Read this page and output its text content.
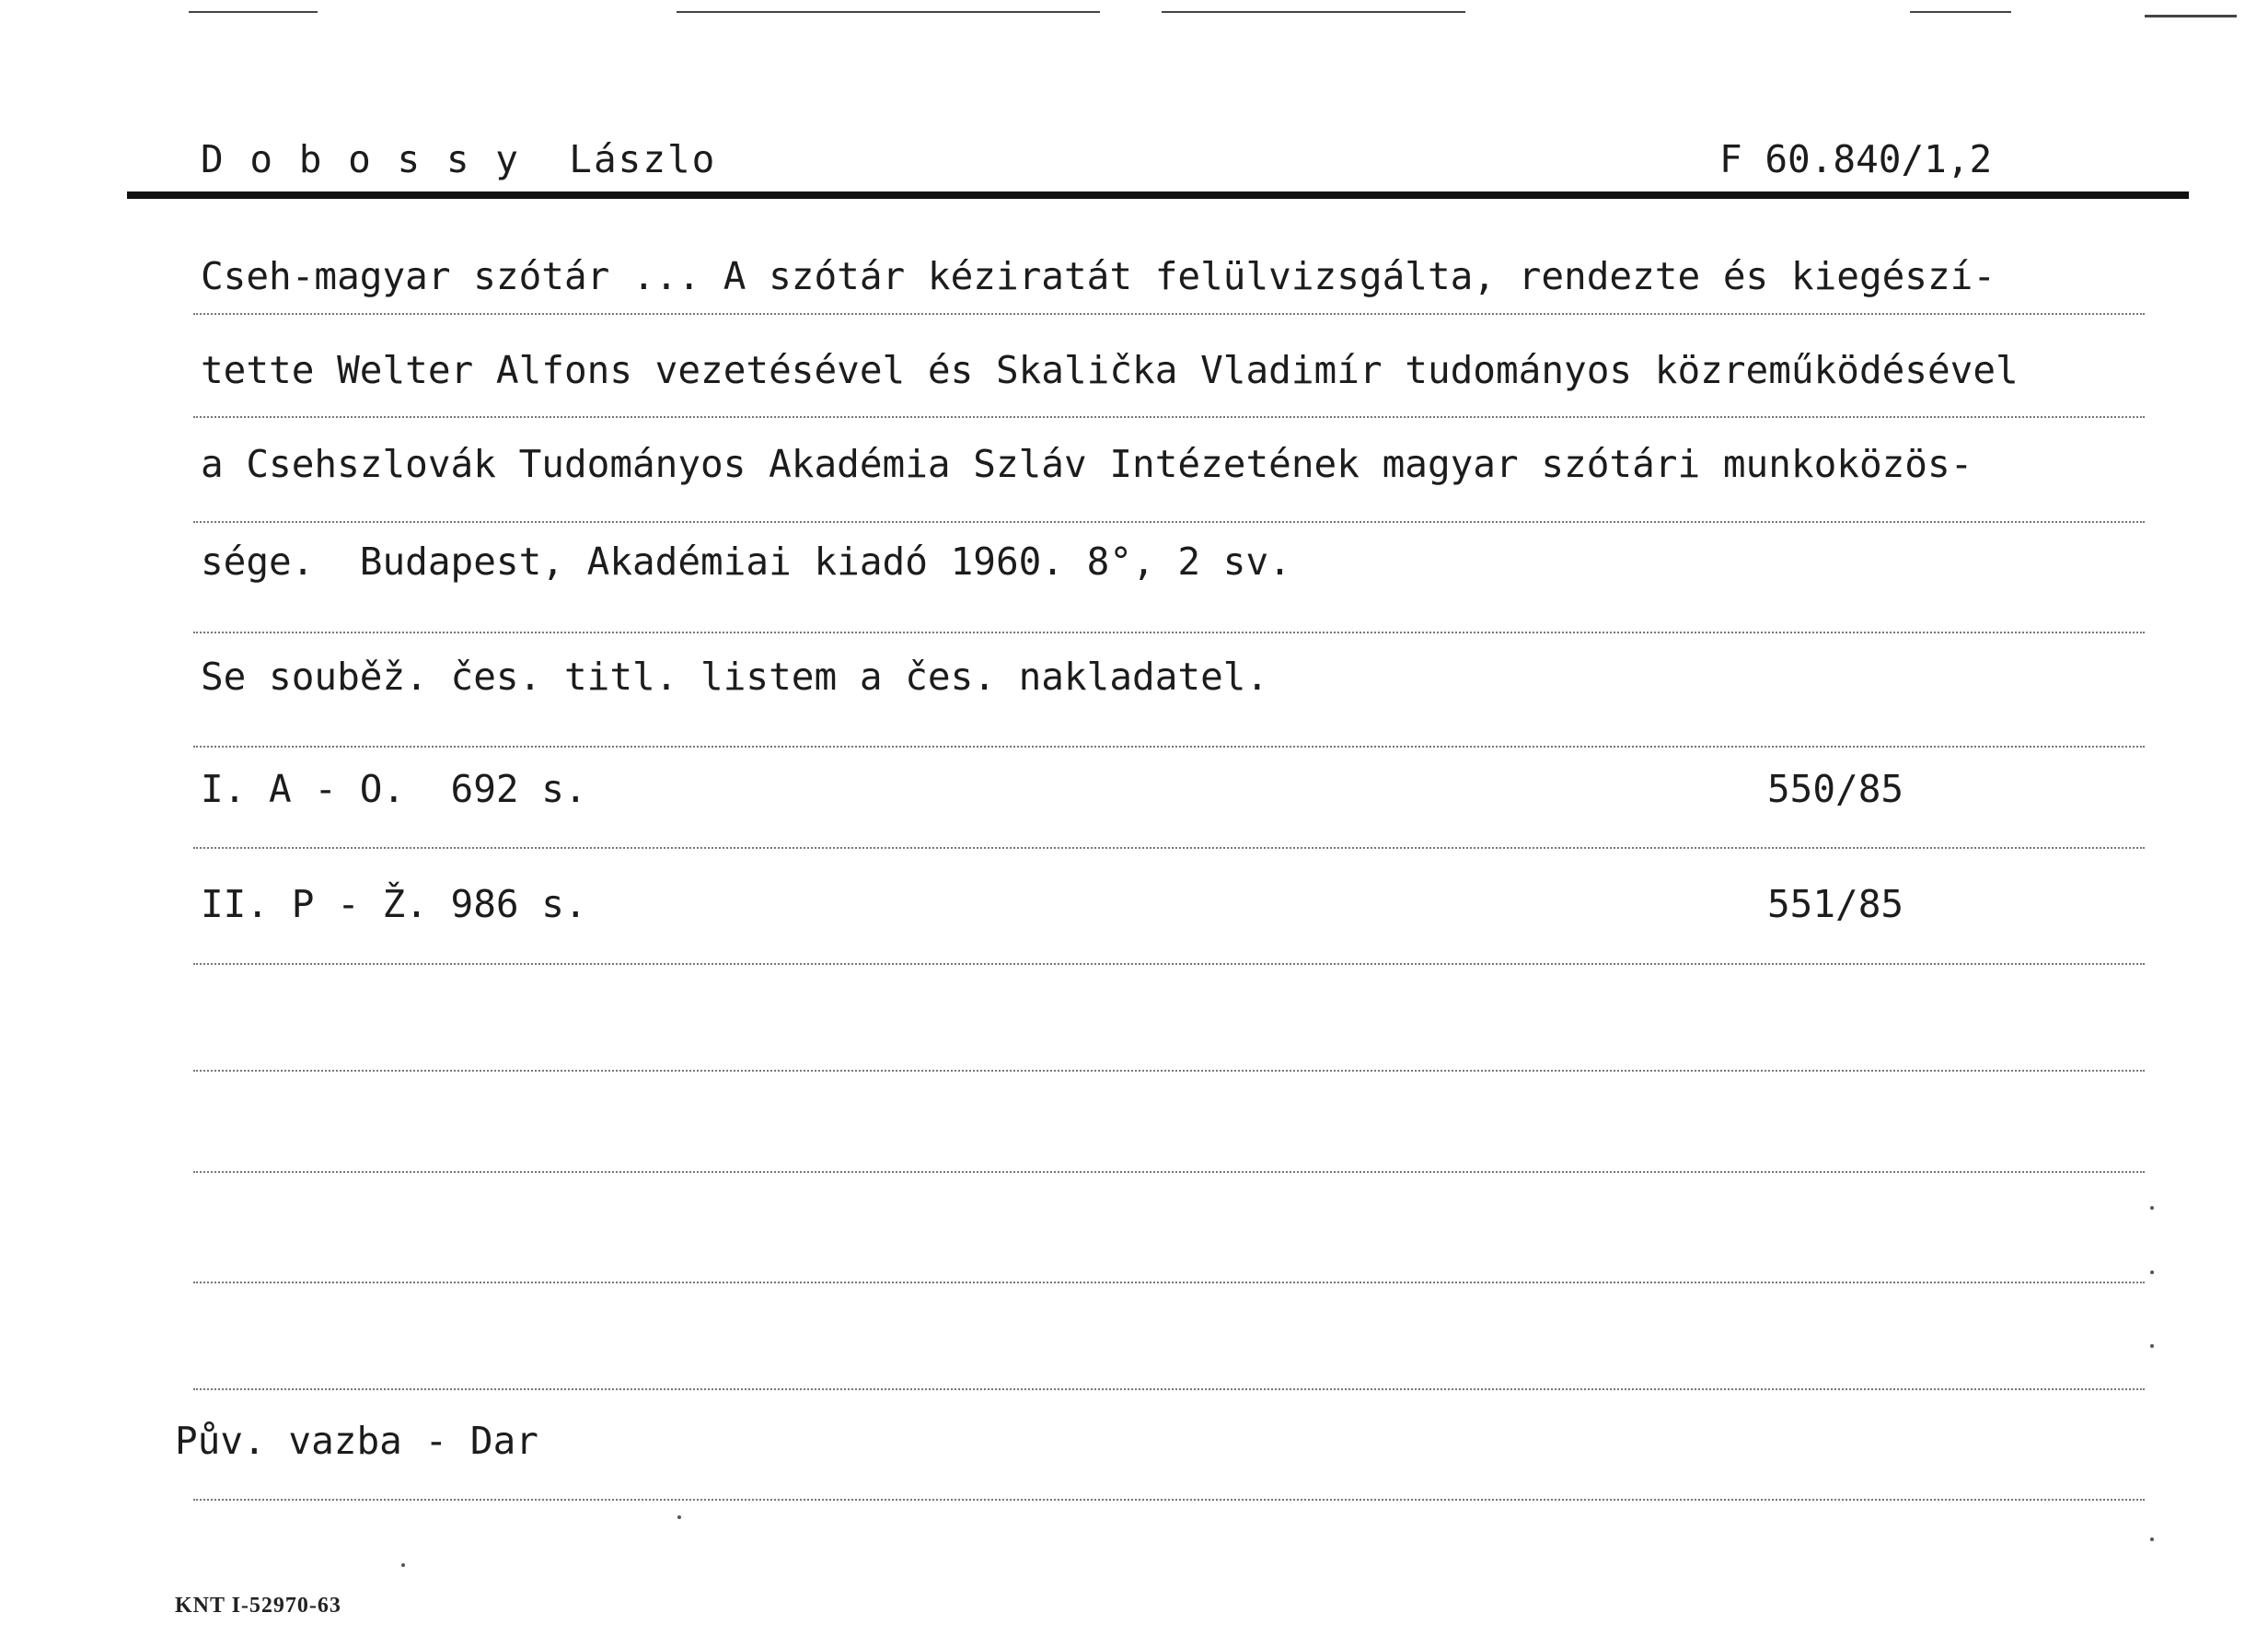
D o b o s s y  Lászlo	F 60.840/1,2
Cseh-magyar szótár ... A szótár kéziratát felülvizsgálta, rendezte és kiegészí-
tette Welter Alfons vezetésével és Skalička Vladimír tudományos közreműködésével
a Csehszlovák Tudományos Akadémia Szláv Intézetének magyar szótári munkoközös-
sége.  Budapest, Akadémiai kiadó 1960. 8°, 2 sv.
Se souběž. čes. titl. listem a čes. nakladatel.
I. A - O.  692 s.	550/85
II. P - Ž. 986 s.	551/85
Pův. vazba - Dar
KNT I-52970-63
